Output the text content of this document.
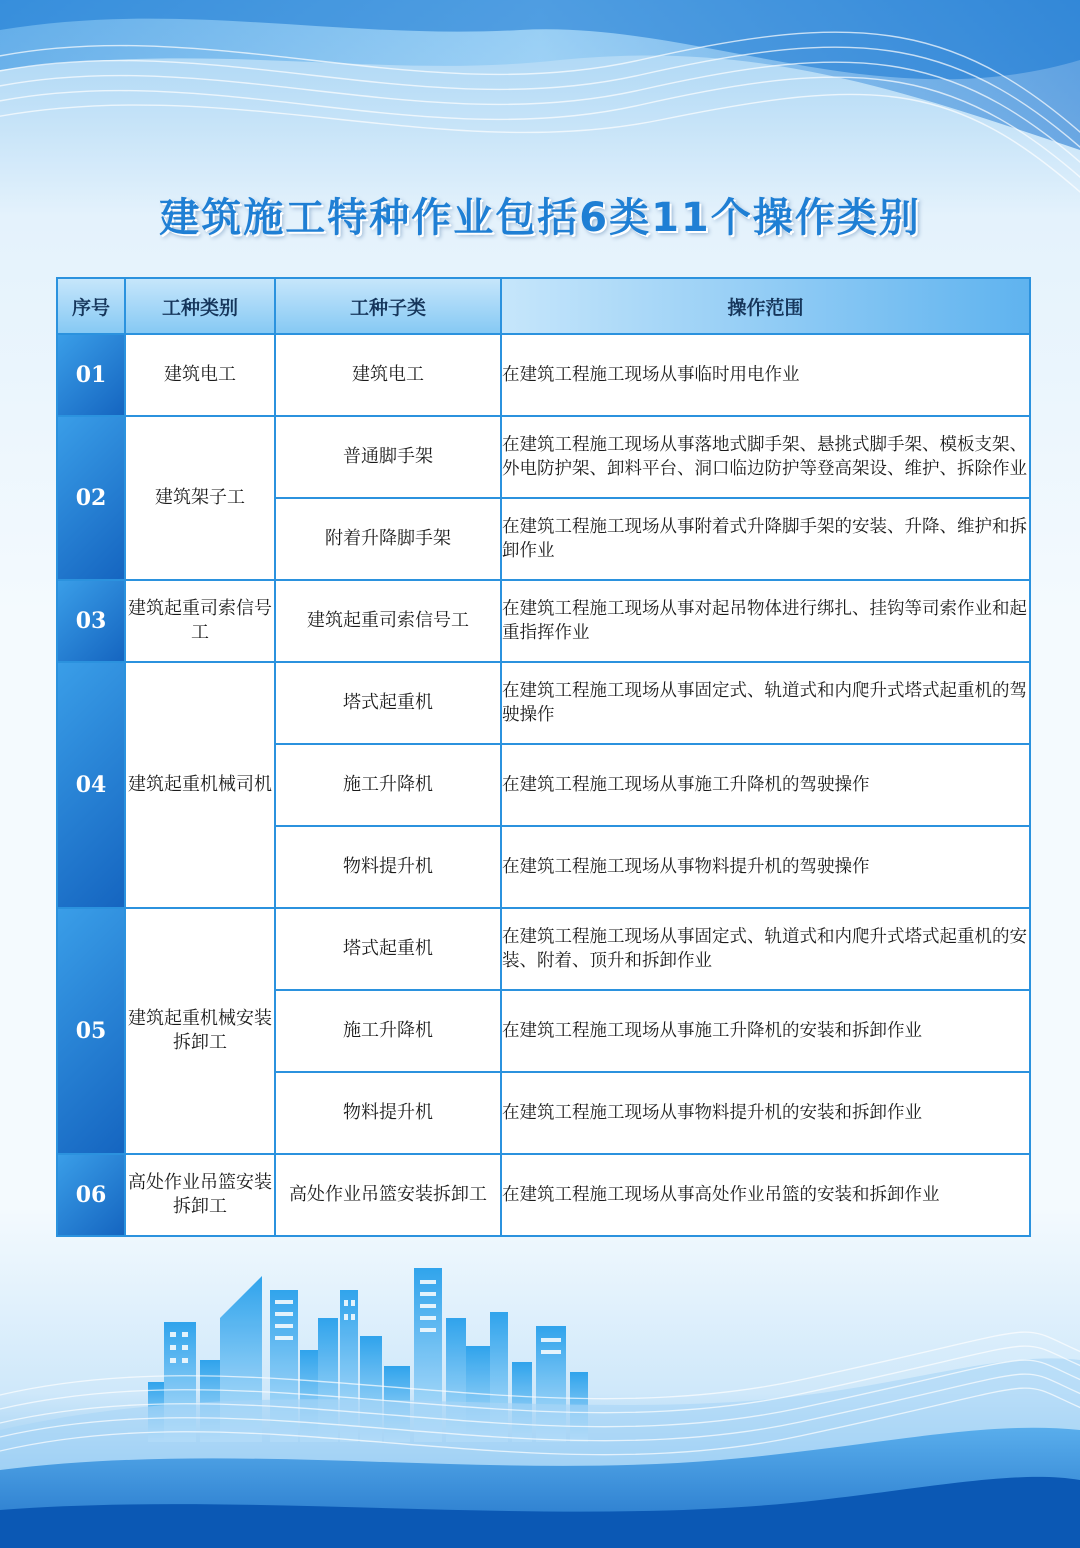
建筑施工特种作业包括6类11个操作类别
序号	工种类别	工种子类	操作范围
01	建筑电工	建筑电工	在建筑工程施工现场从事临时用电作业
02	建筑架子工	普通脚手架	在建筑工程施工现场从事落地式脚手架、悬挑式脚手架、模板支架、外电防护架、卸料平台、洞口临边防护等登高架设、维护、拆除作业
		附着升降脚手架	在建筑工程施工现场从事附着式升降脚手架的安装、升降、维护和拆卸作业
03	建筑起重司索信号工	建筑起重司索信号工	在建筑工程施工现场从事对起吊物体进行绑扎、挂钩等司索作业和起重指挥作业
04	建筑起重机械司机	塔式起重机	在建筑工程施工现场从事固定式、轨道式和内爬升式塔式起重机的驾驶操作
		施工升降机	在建筑工程施工现场从事施工升降机的驾驶操作
		物料提升机	在建筑工程施工现场从事物料提升机的驾驶操作
05	建筑起重机械安装拆卸工	塔式起重机	在建筑工程施工现场从事固定式、轨道式和内爬升式塔式起重机的安装、附着、顶升和拆卸作业
		施工升降机	在建筑工程施工现场从事施工升降机的安装和拆卸作业
		物料提升机	在建筑工程施工现场从事物料提升机的安装和拆卸作业
06	高处作业吊篮安装拆卸工	高处作业吊篮安装拆卸工	在建筑工程施工现场从事高处作业吊篮的安装和拆卸作业
